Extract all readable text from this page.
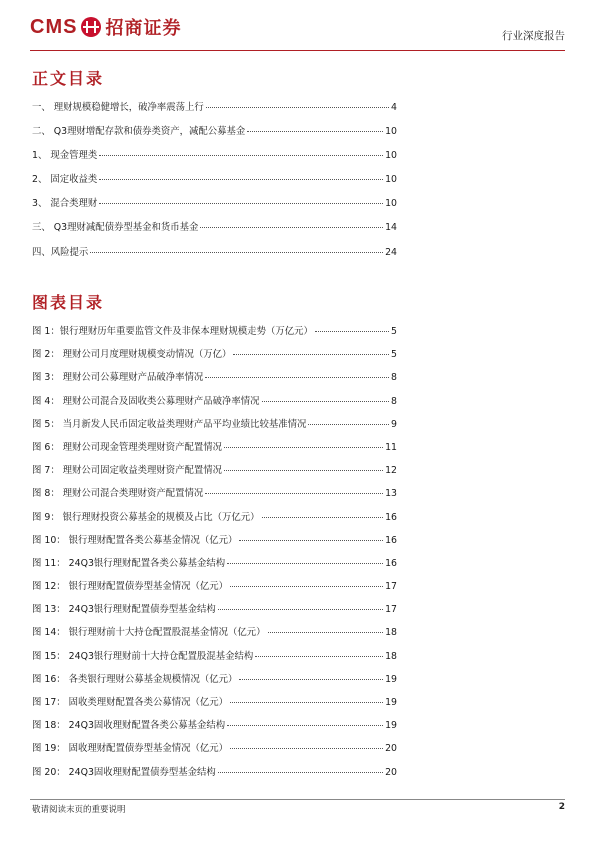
CMS 招商证券	行业深度报告
正文目录
一、 理财规模稳健增长，破净率震荡上行	4
二、 Q3理财增配存款和债券类资产，减配公募基金	10
1、 现金管理类	10
2、 固定收益类	10
3、 混合类理财	10
三、 Q3理财减配债券型基金和货币基金	14
四、风险提示	24
图表目录
图 1：银行理财历年重要监管文件及非保本理财规模走势（万亿元）	5
图 2： 理财公司月度理财规模变动情况（万亿）	5
图 3： 理财公司公募理财产品破净率情况	8
图 4： 理财公司混合及固收类公募理财产品破净率情况	8
图 5： 当月新发人民币固定收益类理财产品平均业绩比较基准情况	9
图 6： 理财公司现金管理类理财资产配置情况	11
图 7： 理财公司固定收益类理财资产配置情况	12
图 8： 理财公司混合类理财资产配置情况	13
图 9： 银行理财投资公募基金的规模及占比（万亿元）	16
图 10： 银行理财配置各类公募基金情况（亿元）	16
图 11： 24Q3银行理财配置各类公募基金结构	16
图 12： 银行理财配置债券型基金情况（亿元）	17
图 13： 24Q3银行理财配置债券型基金结构	17
图 14： 银行理财前十大持仓配置股混基金情况（亿元）	18
图 15： 24Q3银行理财前十大持仓配置股混基金结构	18
图 16： 各类银行理财公募基金规模情况（亿元）	19
图 17： 固收类理财配置各类公募情况（亿元）	19
图 18： 24Q3固收理财配置各类公募基金结构	19
图 19： 固收理财配置债券型基金情况（亿元）	20
图 20： 24Q3固收理财配置债券型基金结构	20
敬请阅读末页的重要说明	2
